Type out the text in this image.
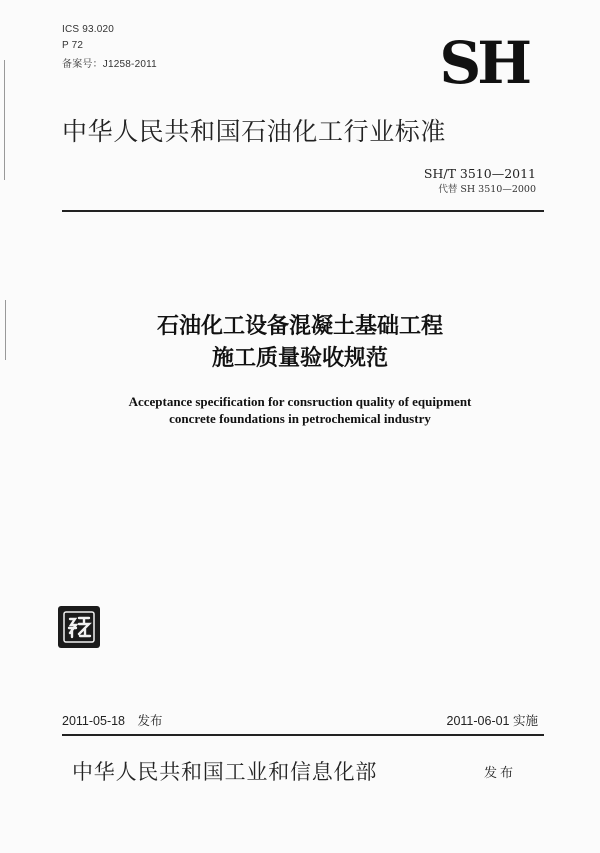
ICS 93.020
P 72
备案号：J1258-2011	SH
中华人民共和国石油化工行业标准
SH/T 3510—2011
代替 SH 3510—2000
石油化工设备混凝土基础工程
施工质量验收规范
Acceptance specification for consruction quality of equipment
concrete foundations in petrochemical industry
2011-05-18　发布	2011-06-01 实施
中华人民共和国工业和信息化部	发布
